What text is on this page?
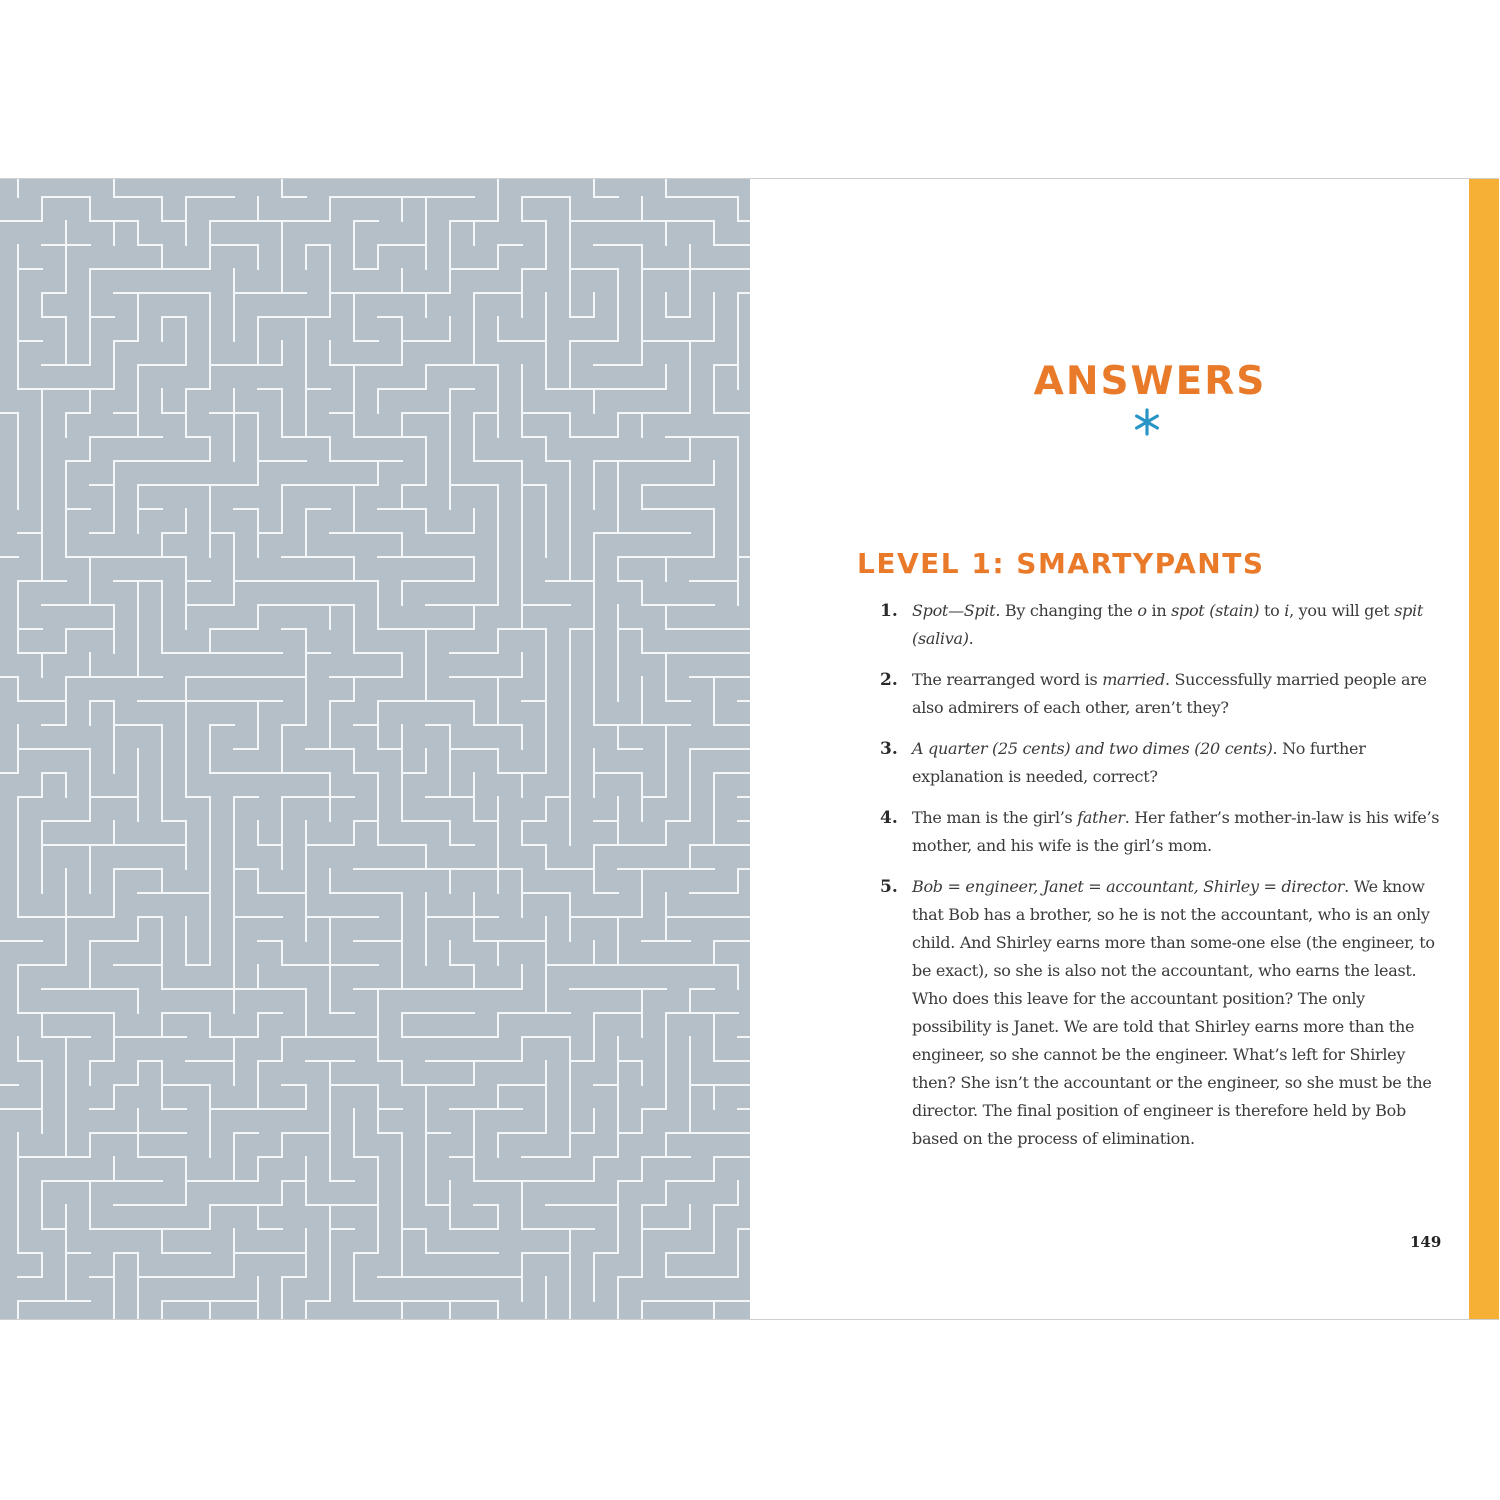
ANSWERS
LEVEL 1: SMARTYPANTS
1. Spot—Spit. By changing the o in spot (stain) to i, you will get spit (saliva).
2. The rearranged word is married. Successfully married people are also admirers of each other, aren’t they?
3. A quarter (25 cents) and two dimes (20 cents). No further explanation is needed, correct?
4. The man is the girl’s father. Her father’s mother-in-law is his wife’s mother, and his wife is the girl’s mom.
5. Bob = engineer, Janet = accountant, Shirley = director. We know that Bob has a brother, so he is not the accountant, who is an only child. And Shirley earns more than some-one else (the engineer, to be exact), so she is also not the accountant, who earns the least. Who does this leave for the accountant position? The only possibility is Janet. We are told that Shirley earns more than the engineer, so she cannot be the engineer. What’s left for Shirley then? She isn’t the accountant or the engineer, so she must be the director. The final position of engineer is therefore held by Bob based on the process of elimination.
149
